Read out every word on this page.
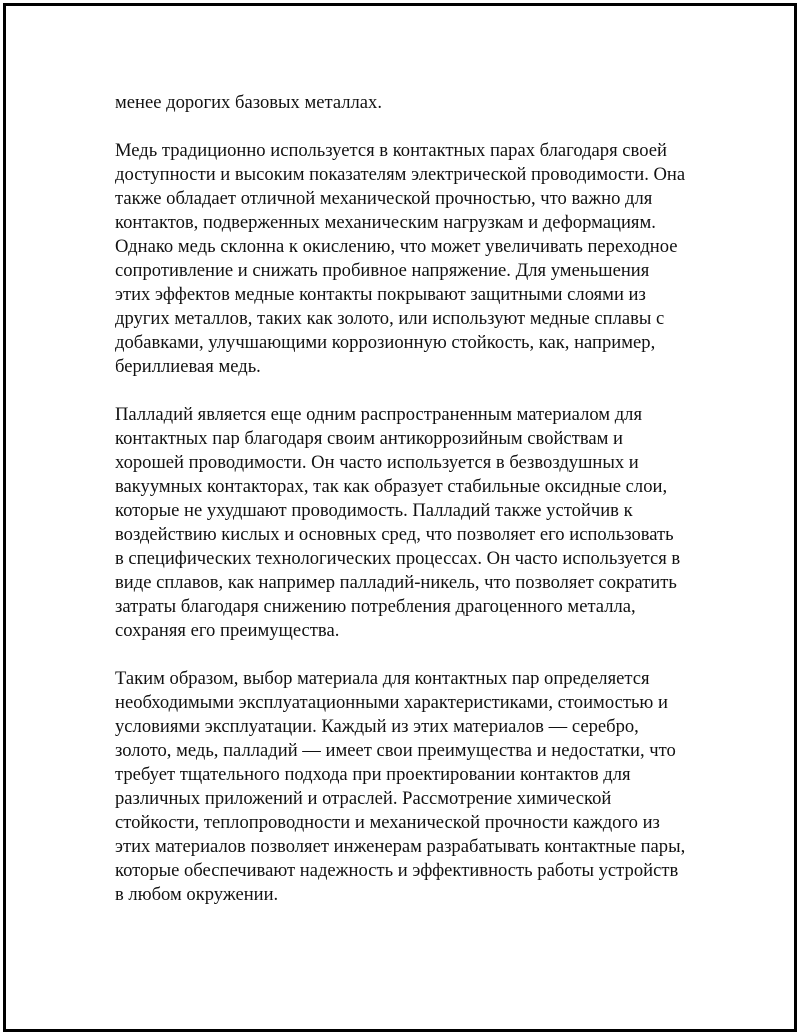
менее дорогих базовых металлах.
Медь традиционно используется в контактных парах благодаря своей
доступности и высоким показателям электрической проводимости. Она
также обладает отличной механической прочностью, что важно для
контактов, подверженных механическим нагрузкам и деформациям.
Однако медь склонна к окислению, что может увеличивать переходное
сопротивление и снижать пробивное напряжение. Для уменьшения
этих эффектов медные контакты покрывают защитными слоями из
других металлов, таких как золото, или используют медные сплавы с
добавками, улучшающими коррозионную стойкость, как, например,
бериллиевая медь.
Палладий является еще одним распространенным материалом для
контактных пар благодаря своим антикоррозийным свойствам и
хорошей проводимости. Он часто используется в безвоздушных и
вакуумных контакторах, так как образует стабильные оксидные слои,
которые не ухудшают проводимость. Палладий также устойчив к
воздействию кислых и основных сред, что позволяет его использовать
в специфических технологических процессах. Он часто используется в
виде сплавов, как например палладий-никель, что позволяет сократить
затраты благодаря снижению потребления драгоценного металла,
сохраняя его преимущества.
Таким образом, выбор материала для контактных пар определяется
необходимыми эксплуатационными характеристиками, стоимостью и
условиями эксплуатации. Каждый из этих материалов — серебро,
золото, медь, палладий — имеет свои преимущества и недостатки, что
требует тщательного подхода при проектировании контактов для
различных приложений и отраслей. Рассмотрение химической
стойкости, теплопроводности и механической прочности каждого из
этих материалов позволяет инженерам разрабатывать контактные пары,
которые обеспечивают надежность и эффективность работы устройств
в любом окружении.
